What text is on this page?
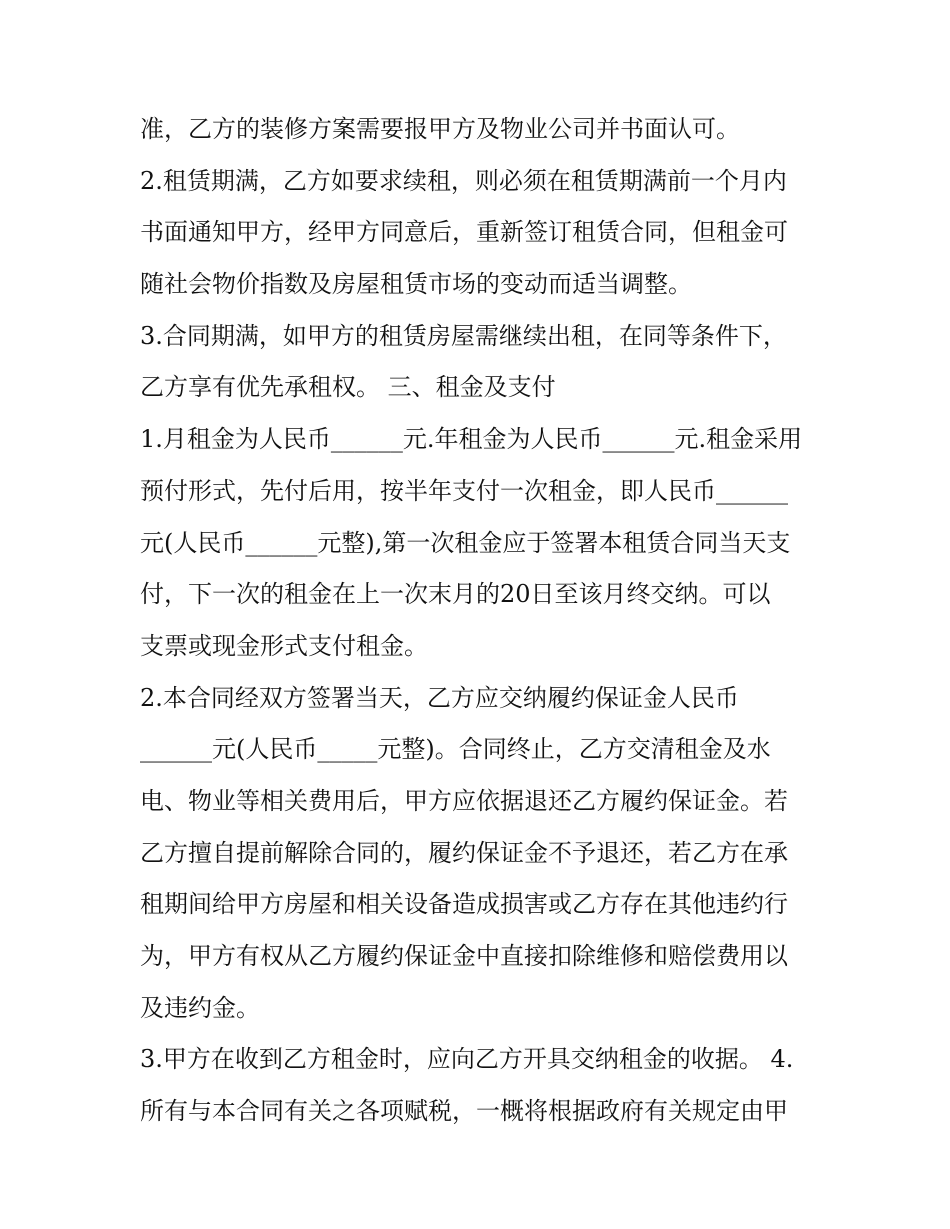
准，乙方的装修方案需要报甲方及物业公司并书面认可。
2.租赁期满，乙方如要求续租，则必须在租赁期满前一个月内
书面通知甲方，经甲方同意后，重新签订租赁合同，但租金可
随社会物价指数及房屋租赁市场的变动而适当调整。
3.合同期满，如甲方的租赁房屋需继续出租，在同等条件下，
乙方享有优先承租权。 三、租金及支付
1.月租金为人民币______元.年租金为人民币______元.租金采用
预付形式，先付后用，按半年支付一次租金，即人民币______
元(人民币______元整),第一次租金应于签署本租赁合同当天支
付，下一次的租金在上一次末月的20日至该月终交纳。可以
支票或现金形式支付租金。
2.本合同经双方签署当天，乙方应交纳履约保证金人民币
______元(人民币_____元整)。合同终止，乙方交清租金及水
电、物业等相关费用后，甲方应依据退还乙方履约保证金。若
乙方擅自提前解除合同的，履约保证金不予退还，若乙方在承
租期间给甲方房屋和相关设备造成损害或乙方存在其他违约行
为，甲方有权从乙方履约保证金中直接扣除维修和赔偿费用以
及违约金。
3.甲方在收到乙方租金时，应向乙方开具交纳租金的收据。 4.
所有与本合同有关之各项赋税，一概将根据政府有关规定由甲
